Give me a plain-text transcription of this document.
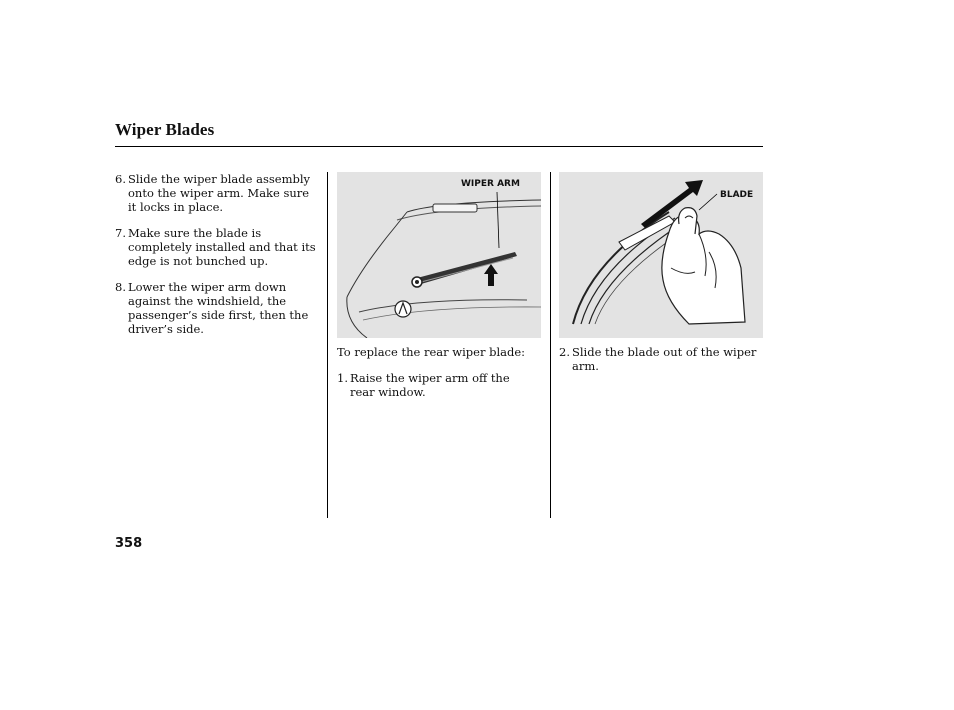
Wiper Blades
6. Slide the wiper blade assembly onto the wiper arm. Make sure it locks in place.
7. Make sure the blade is completely installed and that its edge is not bunched up.
8. Lower the wiper arm down against the windshield, the passenger’s side first, then the driver’s side.
WIPER ARM
BLADE
To replace the rear wiper blade:
1. Raise the wiper arm off the rear window.
2. Slide the blade out of the wiper arm.
358
